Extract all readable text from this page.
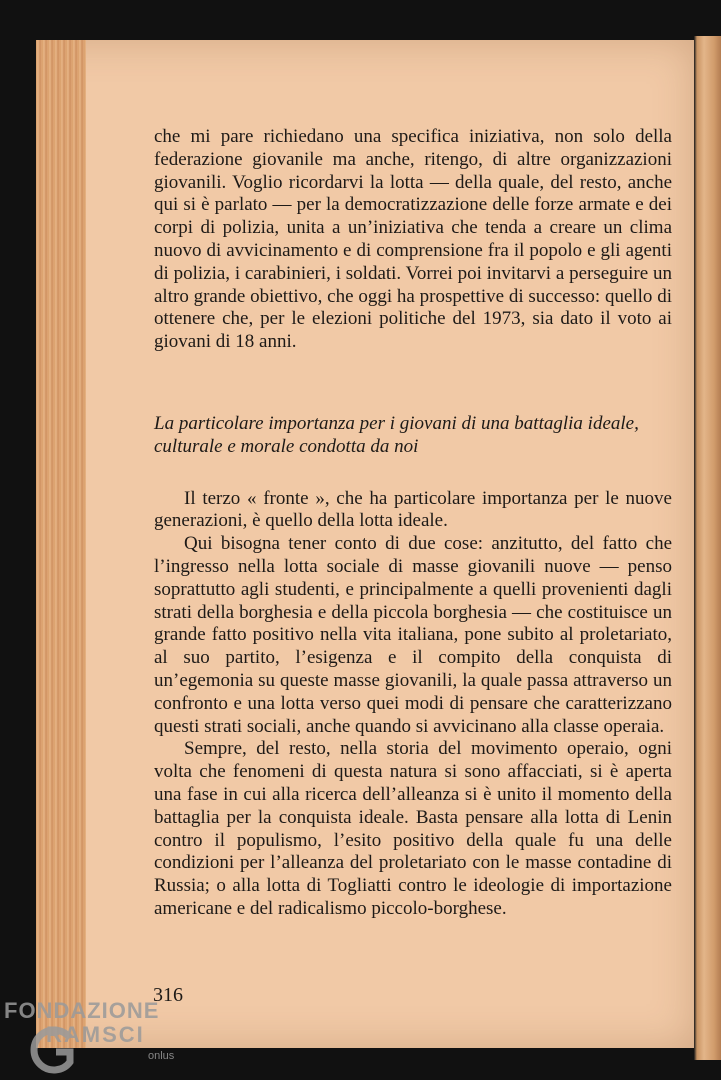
che mi pare richiedano una specifica iniziativa, non solo della federazione giovanile ma anche, ritengo, di altre organizzazioni giovanili. Voglio ricordarvi la lotta — della quale, del resto, anche qui si è parlato — per la democratizzazione delle forze armate e dei corpi di polizia, unita a un’iniziativa che tenda a creare un clima nuovo di avvicinamento e di comprensione fra il popolo e gli agenti di polizia, i carabinieri, i soldati. Vorrei poi invitarvi a perseguire un altro grande obiettivo, che oggi ha prospettive di successo: quello di ottenere che, per le elezioni politiche del 1973, sia dato il voto ai giovani di 18 anni.

La particolare importanza per i giovani di una battaglia ideale, culturale e morale condotta da noi

Il terzo « fronte », che ha particolare importanza per le nuove generazioni, è quello della lotta ideale.

Qui bisogna tener conto di due cose: anzitutto, del fatto che l’ingresso nella lotta sociale di masse giovanili nuove — penso soprattutto agli studenti, e principalmente a quelli provenienti dagli strati della borghesia e della piccola borghesia — che costituisce un grande fatto positivo nella vita italiana, pone subito al proletariato, al suo partito, l’esigenza e il compito della conquista di un’egemonia su queste masse giovanili, la quale passa attraverso un confronto e una lotta verso quei modi di pensare che caratterizzano questi strati sociali, anche quando si avvicinano alla classe operaia.

Sempre, del resto, nella storia del movimento operaio, ogni volta che fenomeni di questa natura si sono affacciati, si è aperta una fase in cui alla ricerca dell’alleanza si è unito il momento della battaglia per la conquista ideale. Basta pensare alla lotta di Lenin contro il populismo, l’esito positivo della quale fu una delle condizioni per l’alleanza del proletariato con le masse contadine di Russia; o alla lotta di Togliatti contro le ideologie di importazione americane e del radicalismo piccolo-borghese.

316
FONDAZIONE
RAMSCI
onlus
